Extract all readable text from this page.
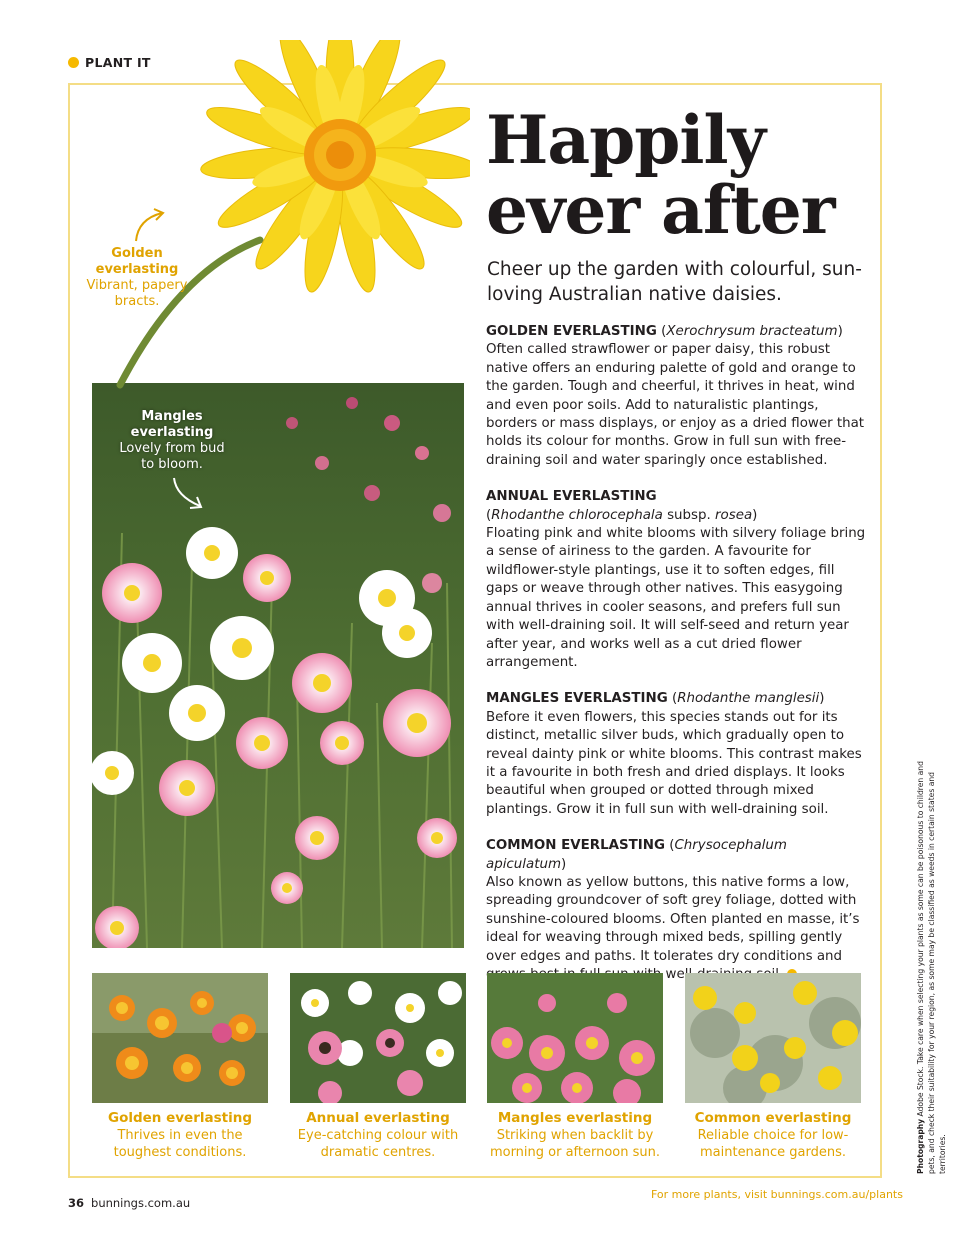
PLANT IT
Golden everlasting
Vibrant, papery bracts.
Mangles everlasting
Lovely from bud to bloom.
Happily
ever after

Cheer up the garden with colourful, sun-loving Australian native daisies.

GOLDEN EVERLASTING (Xerochrysum bracteatum)
Often called strawflower or paper daisy, this robust native offers an enduring palette of gold and orange to the garden. Tough and cheerful, it thrives in heat, wind and even poor soils. Add to naturalistic plantings, borders or mass displays, or enjoy as a dried flower that holds its colour for months. Grow in full sun with free-draining soil and water sparingly once established.
ANNUAL EVERLASTING
(Rhodanthe chlorocephala subsp. rosea)
Floating pink and white blooms with silvery foliage bring a sense of airiness to the garden. A favourite for wildflower-style plantings, use it to soften edges, fill gaps or weave through other natives. This easygoing annual thrives in cooler seasons, and prefers full sun with well-draining soil. It will self-seed and return year after year, and works well as a cut dried flower arrangement.
MANGLES EVERLASTING (Rhodanthe manglesii)
Before it even flowers, this species stands out for its distinct, metallic silver buds, which gradually open to reveal dainty pink or white blooms. This contrast makes it a favourite in both fresh and dried displays. It looks beautiful when grouped or dotted through mixed plantings. Grow it in full sun with well-draining soil.
COMMON EVERLASTING (Chrysocephalum apiculatum)
Also known as yellow buttons, this native forms a low, spreading groundcover of soft grey foliage, dotted with sunshine-coloured blooms. Often planted en masse, it’s ideal for weaving through mixed beds, spilling gently over edges and paths. It tolerates dry conditions and
Golden everlasting
Thrives in even the toughest conditions.
Annual everlasting
Eye-catching colour with dramatic centres.
Mangles everlasting
Striking when backlit by morning or afternoon sun.
Common everlasting
Reliable choice for low-maintenance gardens.	Photography Adobe Stock. Take care when selecting your plants as some can be poisonous to children and pets, and check their suitability for your region, as some may be classified as weeds in certain states and territories.
36 bunnings.com.au
For more plants, visit bunnings.com.au/plants
